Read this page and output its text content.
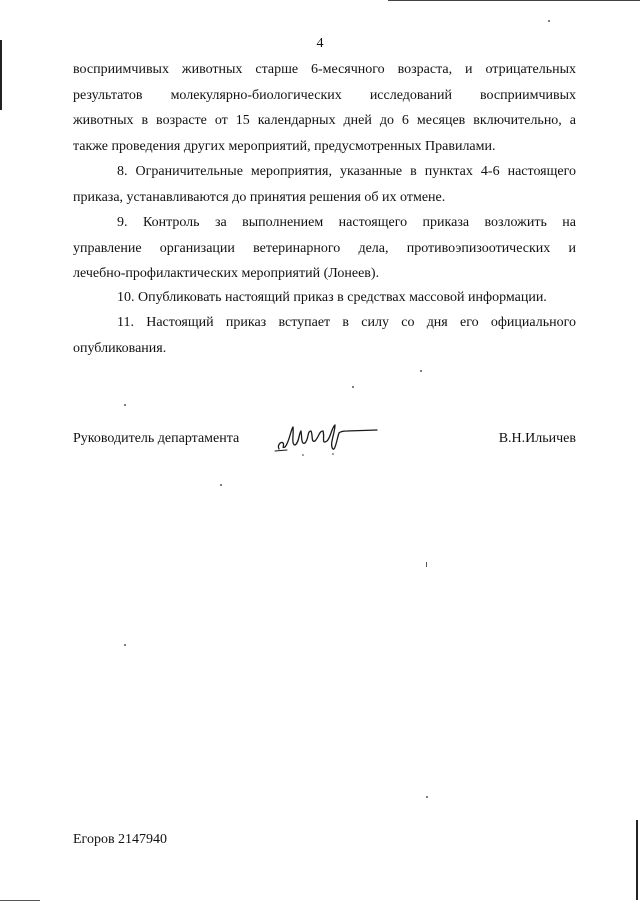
4

восприимчивых животных старше 6-месячного возраста, и отрицательных
результатов молекулярно-биологических исследований восприимчивых
животных в возрасте от 15 календарных дней до 6 месяцев включительно, а
также проведения других мероприятий, предусмотренных Правилами.

8. Ограничительные мероприятия, указанные в пунктах 4-6 настоящего
приказа, устанавливаются до принятия решения об их отмене.

9. Контроль за выполнением настоящего приказа возложить на
управление организации ветеринарного дела, противоэпизоотических и
лечебно-профилактических мероприятий (Лонеев).

10. Опубликовать настоящий приказ в средствах массовой информации.

11. Настоящий приказ вступает в силу со дня его официального
опубликования.

Руководитель департамента	В.Н.Ильичев
Егоров 2147940
